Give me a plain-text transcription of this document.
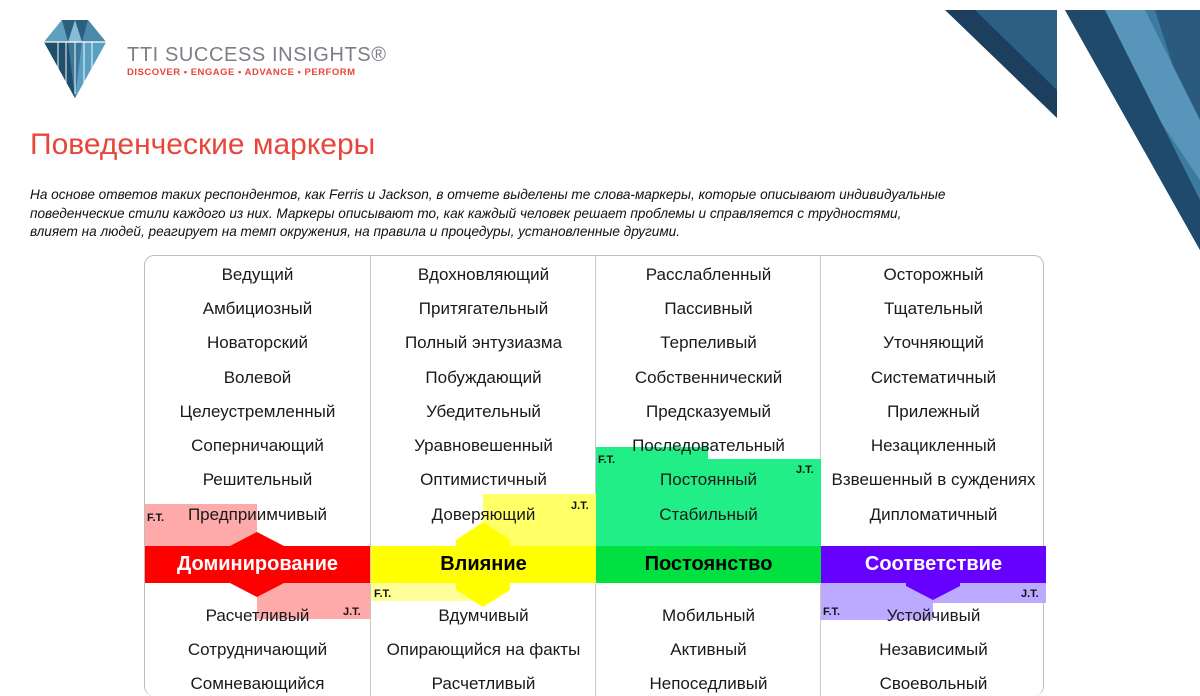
TTI SUCCESS INSIGHTS®
DISCOVER • ENGAGE • ADVANCE • PERFORM
Поведенческие маркеры
На основе ответов таких респондентов, как Ferris и Jackson, в отчете выделены те слова-маркеры, которые описывают индивидуальные
поведенческие стили каждого из них. Маркеры описывают то, как каждый человек решает проблемы и справляется с трудностями,
влияет на людей, реагирует на темп окружения, на правила и процедуры, установленные другими.
Доминирование
F.T.
J.T.
Ведущий
Амбициозный
Новаторский
Волевой
Целеустремленный
Соперничающий
Решительный
Предприимчивый
Расчетливый
Сотрудничающий
Сомневающийся
Влияние
J.T.
F.T.
Вдохновляющий
Притягательный
Полный энтузиазма
Побуждающий
Убедительный
Уравновешенный
Оптимистичный
Доверяющий
Вдумчивый
Опирающийся на факты
Расчетливый
Постоянство
F.T.
J.T.
Расслабленный
Пассивный
Терпеливый
Собственнический
Предсказуемый
Последовательный
Постоянный
Стабильный
Мобильный
Активный
Непоседливый
Соответствие
F.T.
J.T.
Осторожный
Тщательный
Уточняющий
Систематичный
Прилежный
Незацикленный
Взвешенный в суждениях
Дипломатичный
Устойчивый
Независимый
Своевольный
